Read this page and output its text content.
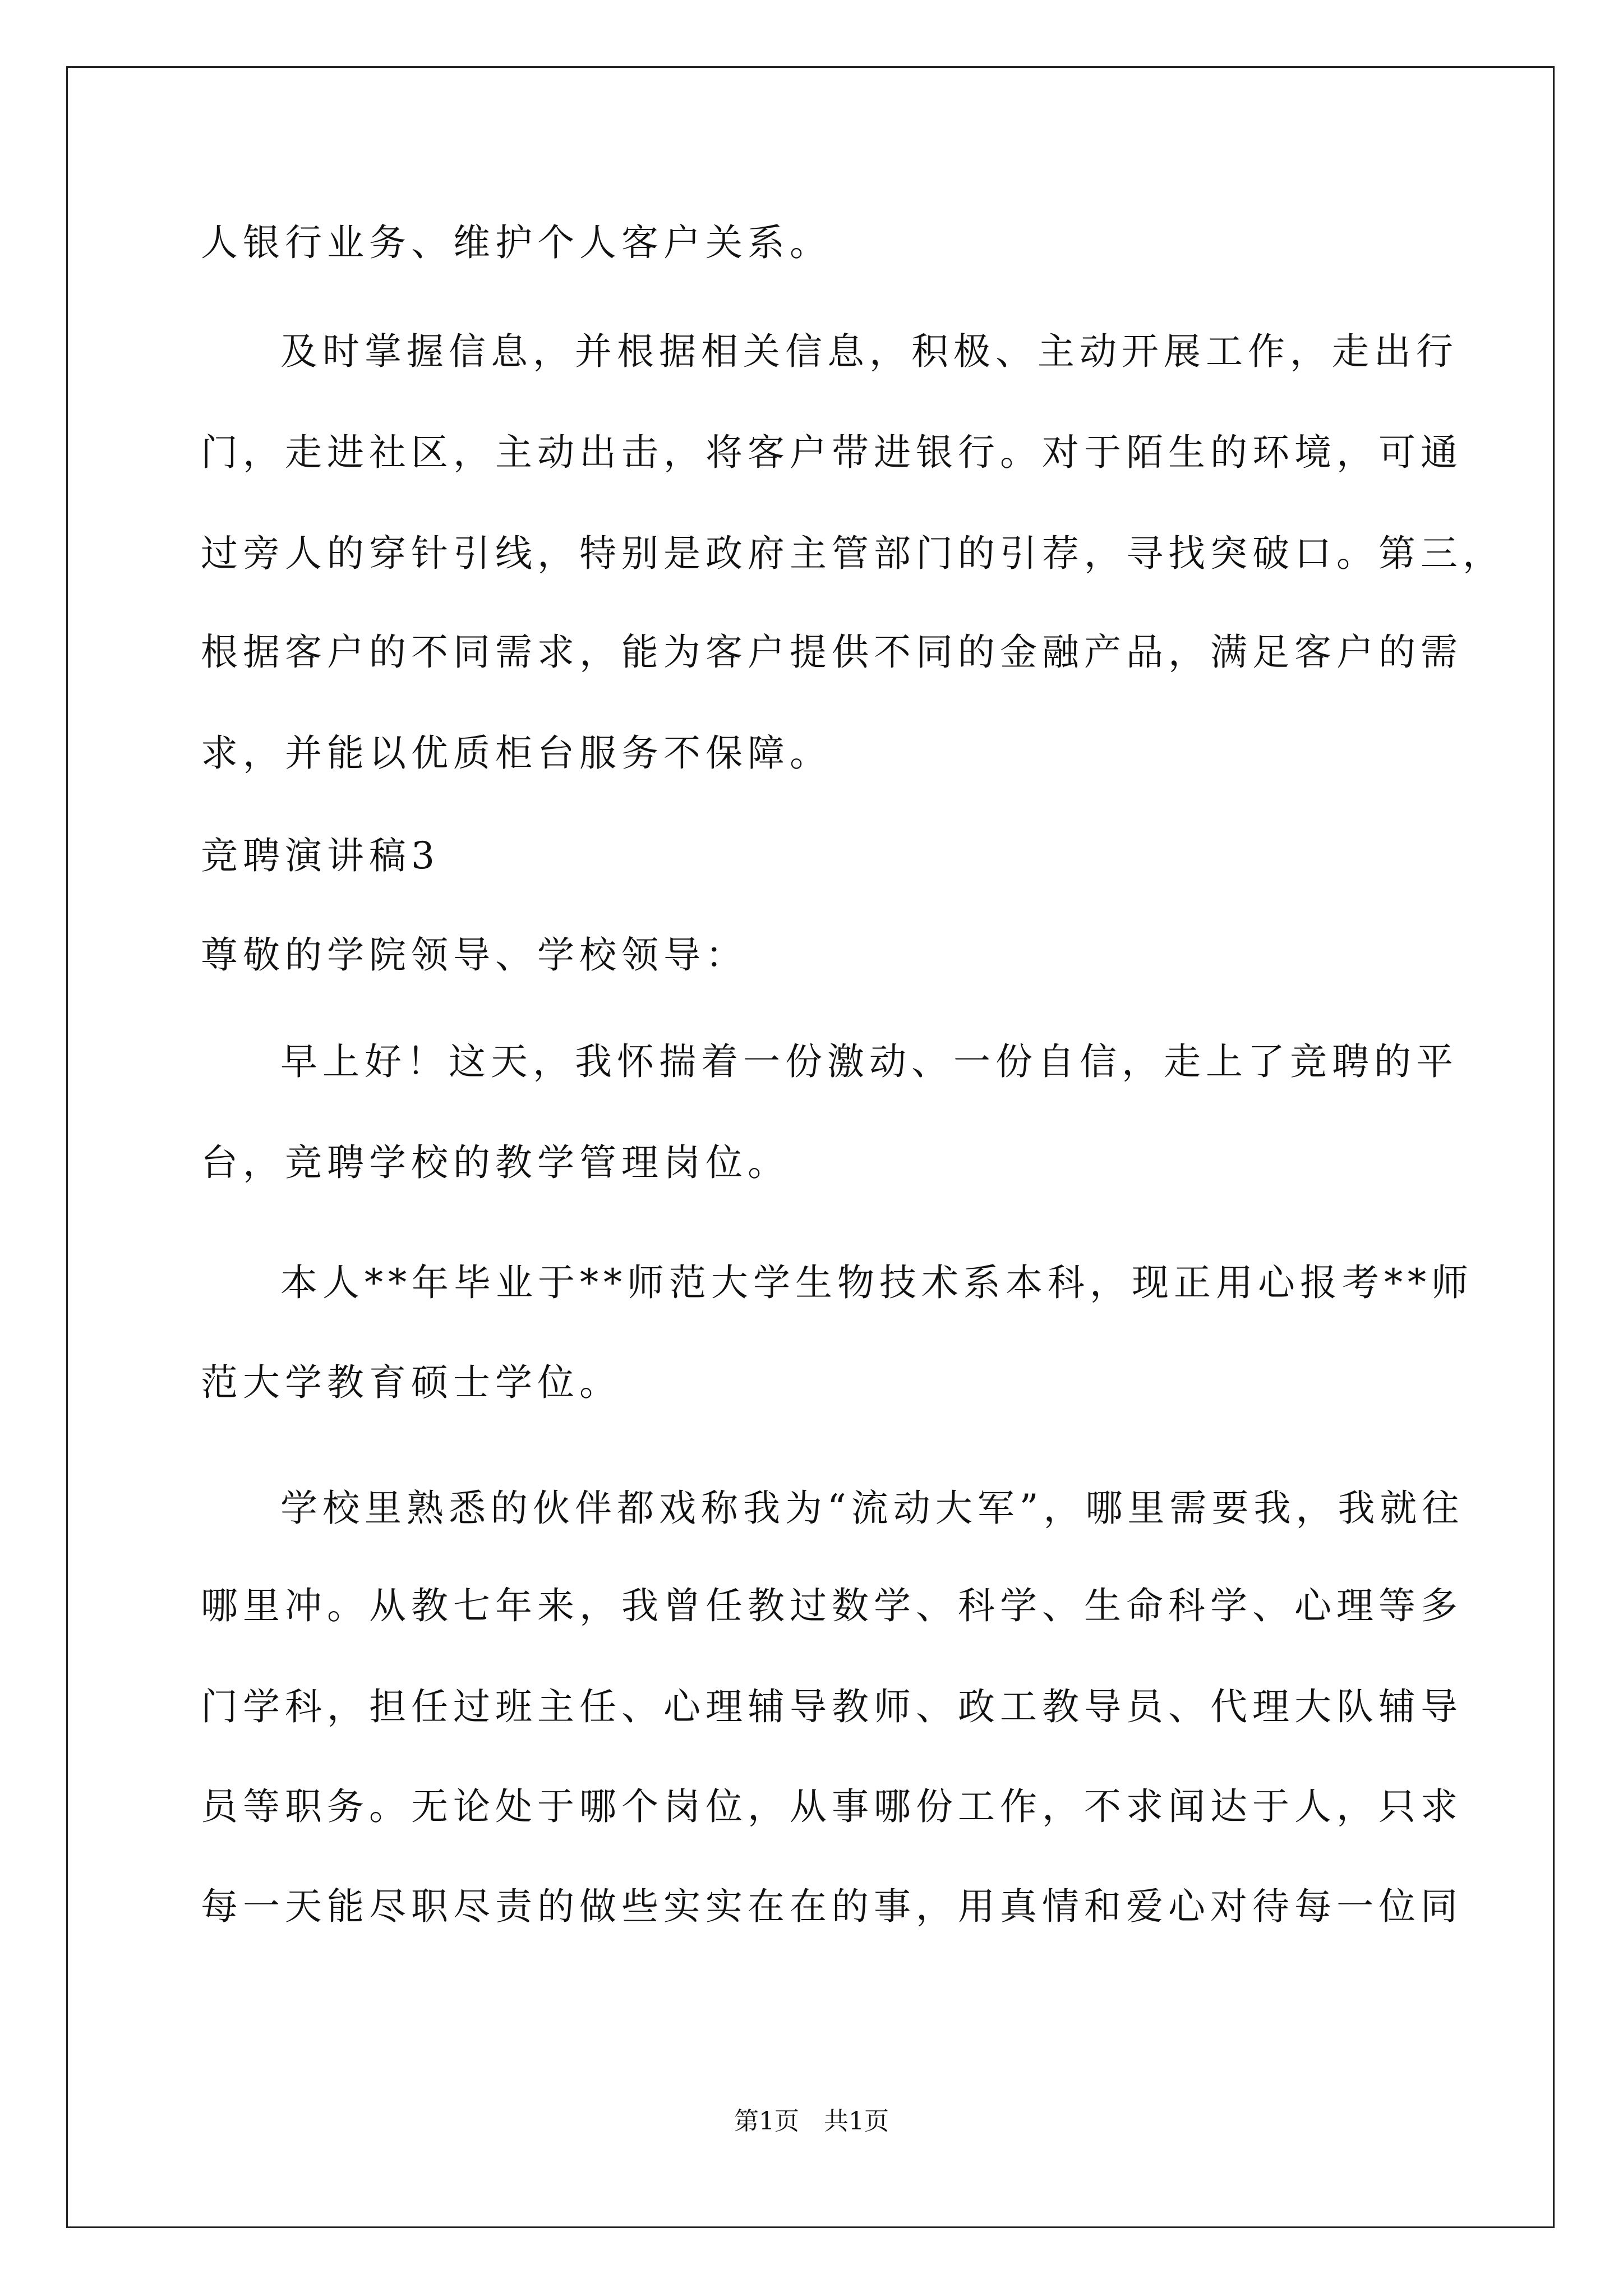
人银行业务、维护个人客户关系。
及时掌握信息，并根据相关信息，积极、主动开展工作，走出行
门，走进社区，主动出击，将客户带进银行。对于陌生的环境，可通
过旁人的穿针引线，特别是政府主管部门的引荐，寻找突破口。第三，
根据客户的不同需求，能为客户提供不同的金融产品，满足客户的需
求，并能以优质柜台服务不保障。
竞聘演讲稿3
尊敬的学院领导、学校领导：
早上好！这天，我怀揣着一份激动、一份自信，走上了竞聘的平
台，竞聘学校的教学管理岗位。
本人**年毕业于**师范大学生物技术系本科，现正用心报考**师
范大学教育硕士学位。
学校里熟悉的伙伴都戏称我为“流动大军”，哪里需要我，我就往
哪里冲。从教七年来，我曾任教过数学、科学、生命科学、心理等多
门学科，担任过班主任、心理辅导教师、政工教导员、代理大队辅导
员等职务。无论处于哪个岗位，从事哪份工作，不求闻达于人，只求
每一天能尽职尽责的做些实实在在的事，用真情和爱心对待每一位同
第1页　共1页
